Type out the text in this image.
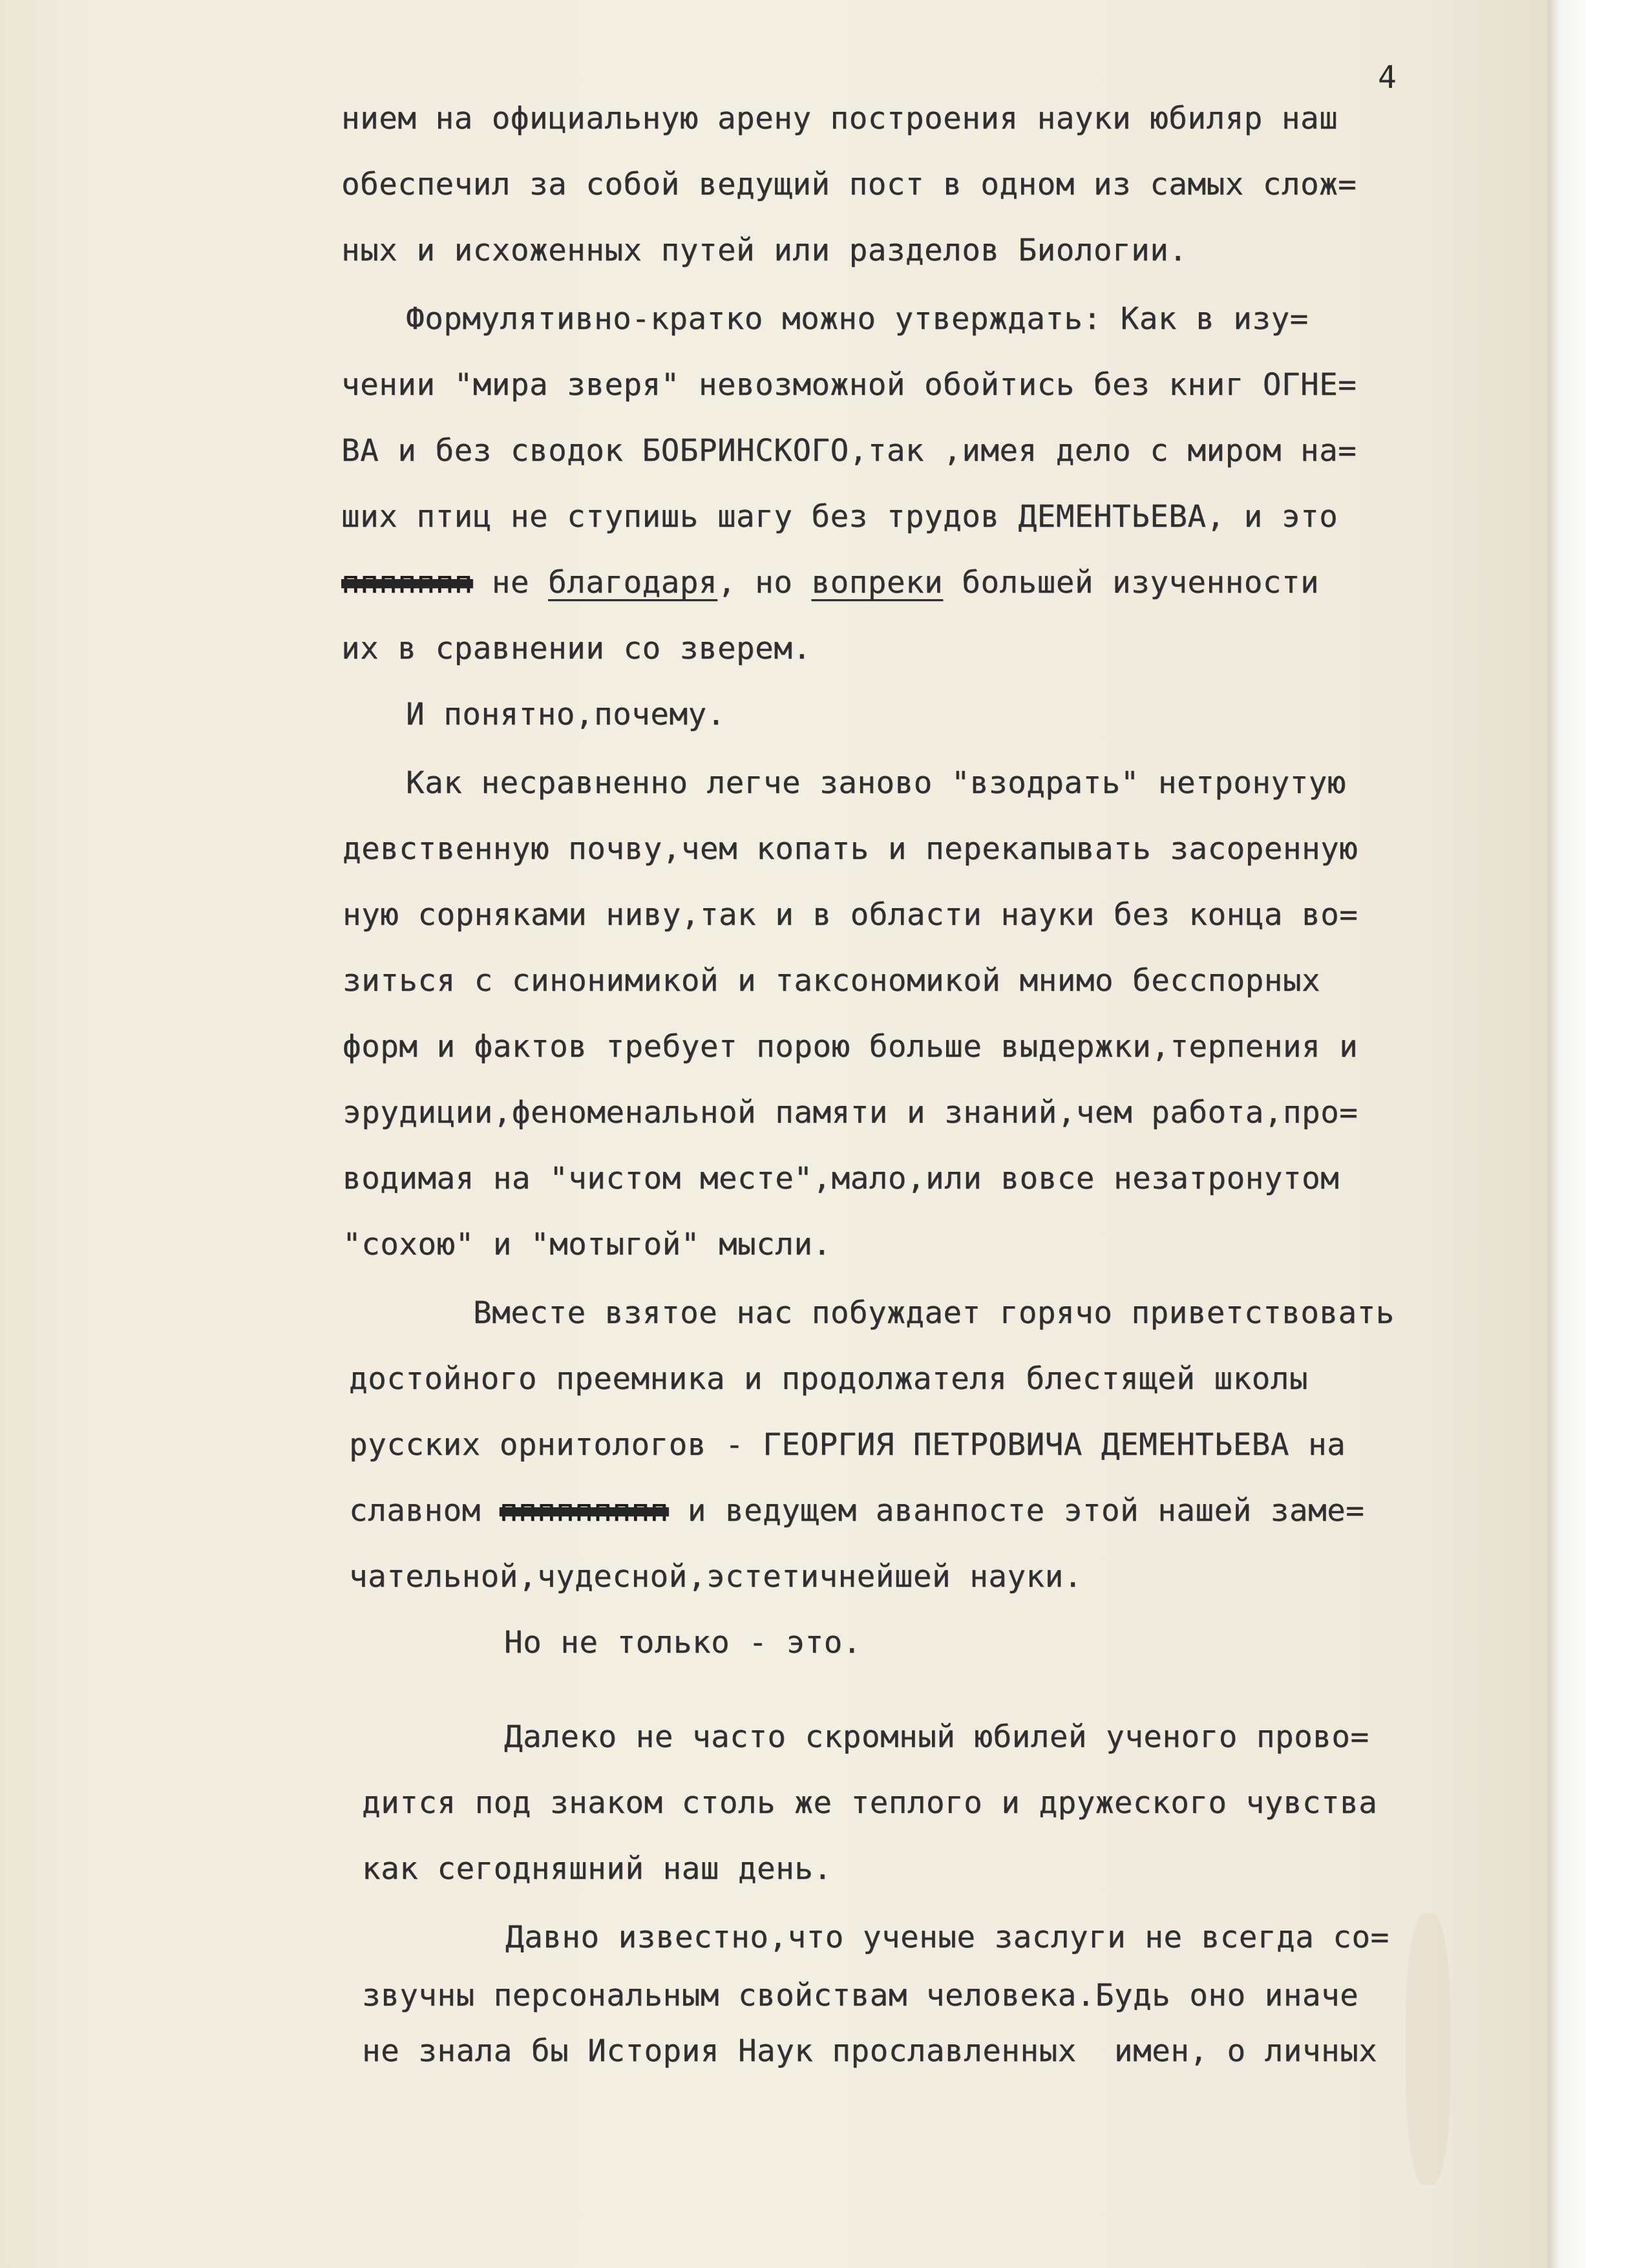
4
нием на официальную арену построения науки юбиляр наш
обеспечил за собой ведущий пост в одном из самых слож=
ных и исхоженных путей или разделов Биологии.
Формулятивно-кратко можно утверждать: Как в изу=
чении "мира зверя" невозможной обойтись без книг ОГНЕ=
ВА и без сводок БОБРИНСКОГО,так ,имея дело с миром на=
ших птиц не ступишь шагу без трудов ДЕМЕНТЬЕВА, и это
ппппппп не благодаря, но вопреки большей изученности
их в сравнении со зверем.
И понятно,почему.
Как несравненно легче заново "взодрать" нетронутую
девственную почву,чем копать и перекапывать засоренную
ную сорняками ниву,так и в области науки без конца во=
зиться с синонимикой и таксономикой мнимо бесспорных
форм и фактов требует порою больше выдержки,терпения и
эрудиции,феноменальной памяти и знаний,чем работа,про=
водимая на "чистом месте",мало,или вовсе незатронутом
"сохою" и "мотыгой" мысли.
Вместе взятое нас побуждает горячо приветствовать
достойного преемника и продолжателя блестящей школы
русских орнитологов - ГЕОРГИЯ ПЕТРОВИЧА ДЕМЕНТЬЕВА на
славном ппппппппп и ведущем аванпосте этой нашей заме=
чательной,чудесной,эстетичнейшей науки.
Но не только - это.
Далеко не часто скромный юбилей ученого прово=
дится под знаком столь же теплого и дружеского чувства
как сегодняшний наш день.
Давно известно,что ученые заслуги не всегда со=
звучны персональным свойствам человека.Будь оно иначе
не знала бы История Наук прославленных  имен, о личных
